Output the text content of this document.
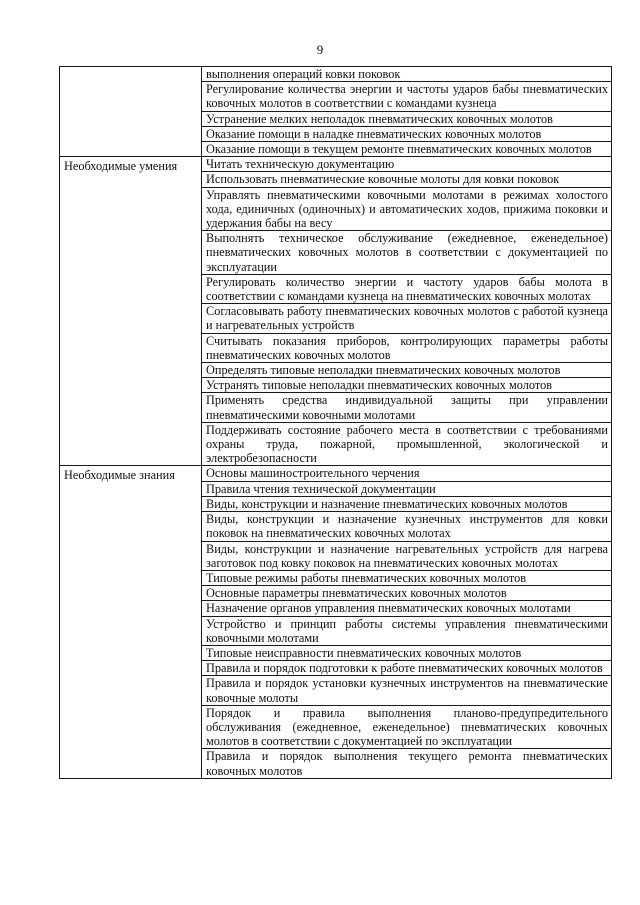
9
	выполнения операций ковки поковок
	Регулирование количества энергии и частоты ударов бабы пневматических ковочных молотов в соответствии с командами кузнеца
	Устранение мелких неполадок пневматических ковочных молотов
	Оказание помощи в наладке пневматических ковочных молотов
	Оказание помощи в текущем ремонте пневматических ковочных молотов
Необходимые умения	Читать техническую документацию
	Использовать пневматические ковочные молоты для ковки поковок
	Управлять пневматическими ковочными молотами в режимах холостого хода, единичных (одиночных) и автоматических ходов, прижима поковки и удержания бабы на весу
	Выполнять техническое обслуживание (ежедневное, еженедельное) пневматических ковочных молотов в соответствии с документацией по эксплуатации
	Регулировать количество энергии и частоту ударов бабы молота в соответствии с командами кузнеца на пневматических ковочных молотах
	Согласовывать работу пневматических ковочных молотов с работой кузнеца и нагревательных устройств
	Считывать показания приборов, контролирующих параметры работы пневматических ковочных молотов
	Определять типовые неполадки пневматических ковочных молотов
	Устранять типовые неполадки пневматических ковочных молотов
	Применять средства индивидуальной защиты при управлении пневматическими ковочными молотами
	Поддерживать состояние рабочего места в соответствии с требованиями охраны труда, пожарной, промышленной, экологической и электробезопасности
Необходимые знания	Основы машиностроительного черчения
	Правила чтения технической документации
	Виды, конструкции и назначение пневматических ковочных молотов
	Виды, конструкции и назначение кузнечных инструментов для ковки поковок на пневматических ковочных молотах
	Виды, конструкции и назначение нагревательных устройств для нагрева заготовок под ковку поковок на пневматических ковочных молотах
	Типовые режимы работы пневматических ковочных молотов
	Основные параметры пневматических ковочных молотов
	Назначение органов управления пневматических ковочных молотами
	Устройство и принцип работы системы управления пневматическими ковочными молотами
	Типовые неисправности пневматических ковочных молотов
	Правила и порядок подготовки к работе пневматических ковочных молотов
	Правила и порядок установки кузнечных инструментов на пневматические ковочные молоты
	Порядок и правила выполнения планово-предупредительного обслуживания (ежедневное, еженедельное) пневматических ковочных молотов в соответствии с документацией по эксплуатации
	Правила и порядок выполнения текущего ремонта пневматических ковочных молотов
